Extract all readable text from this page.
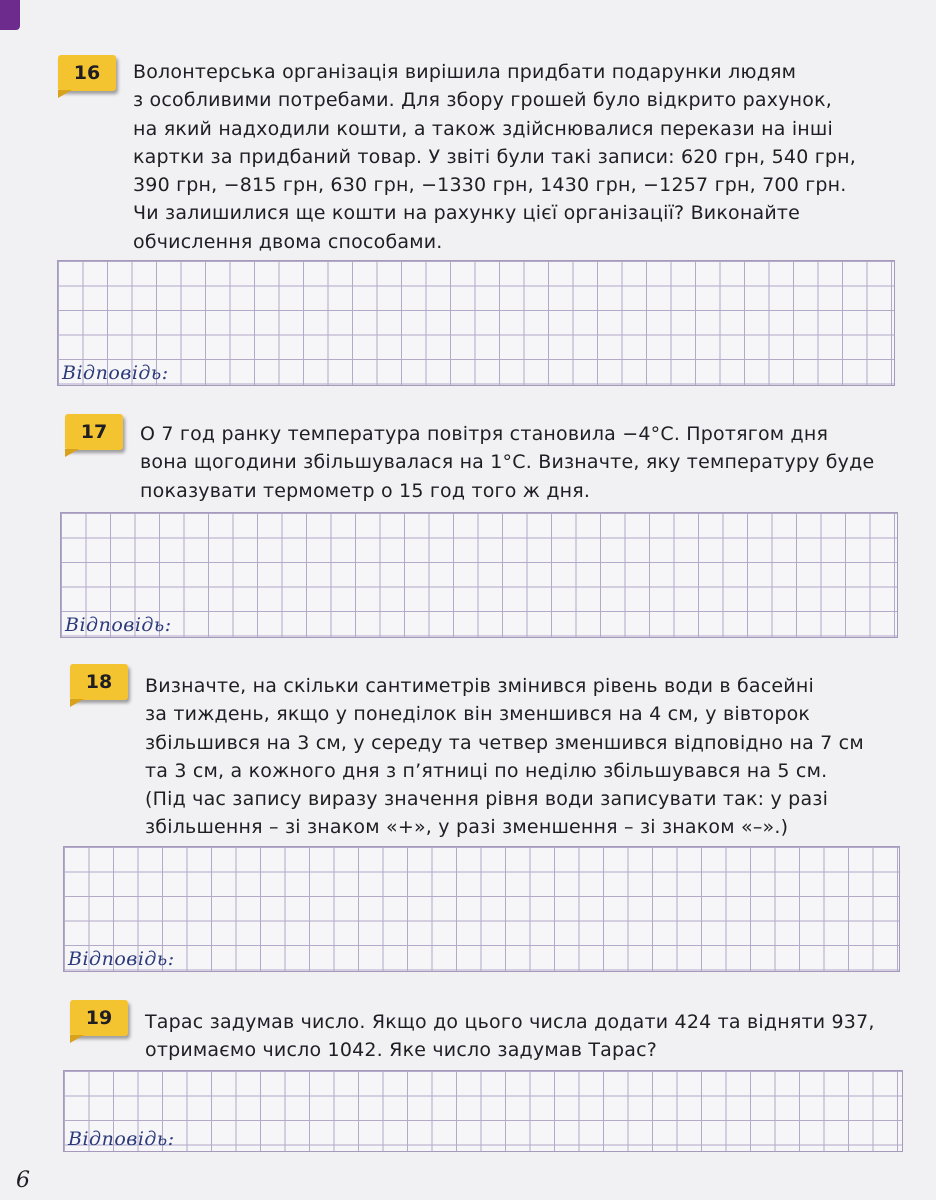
16 Волонтерська організація вирішила придбати подарунки людям
з особливими потребами. Для збору грошей було відкрито рахунок,
на який надходили кошти, а також здійснювалися перекази на інші
картки за придбаний товар. У звіті були такі записи: 620 грн, 540 грн,
390 грн, −815 грн, 630 грн, −1330 грн, 1430 грн, −1257 грн, 700 грн.
Чи залишилися ще кошти на рахунку цієї організації? Виконайте
обчислення двома способами.
Відповідь:
17 О 7 год ранку температура повітря становила −4°C. Протягом дня
вона щогодини збільшувалася на 1°C. Визначте, яку температуру буде
показувати термометр о 15 год того ж дня.
Відповідь:
18 Визначте, на скільки сантиметрів змінився рівень води в басейні
за тиждень, якщо у понеділок він зменшився на 4 см, у вівторок
збільшився на 3 см, у середу та четвер зменшився відповідно на 7 см
та 3 см, а кожного дня з п’ятниці по неділю збільшувався на 5 см.
(Під час запису виразу значення рівня води записувати так: у разі
збільшення – зі знаком «+», у разі зменшення – зі знаком «–».)
Відповідь:
19 Тарас задумав число. Якщо до цього числа додати 424 та відняти 937,
отримаємо число 1042. Яке число задумав Тарас?
Відповідь:
6
